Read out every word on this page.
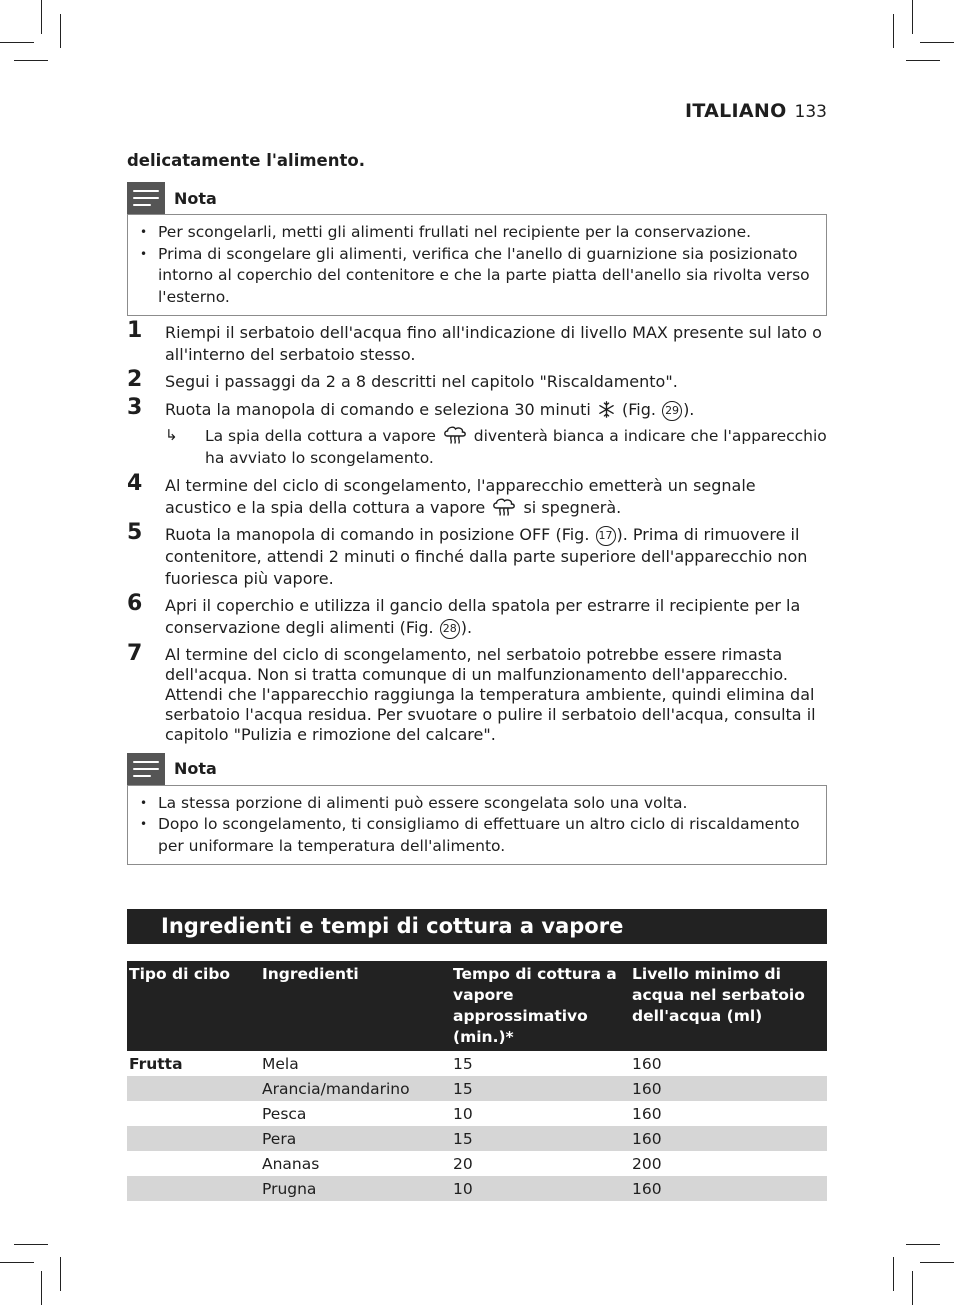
ITALIANO 133

delicatamente l'alimento.

Nota
• Per scongelarli, metti gli alimenti frullati nel recipiente per la conservazione.
• Prima di scongelare gli alimenti, verifica che l'anello di guarnizione sia posizionato intorno al coperchio del contenitore e che la parte piatta dell'anello sia rivolta verso l'esterno.
1	Riempi il serbatoio dell'acqua fino all'indicazione di livello MAX presente sul lato o all'interno del serbatoio stesso.
2	Segui i passaggi da 2 a 8 descritti nel capitolo "Riscaldamento".
3	Ruota la manopola di comando e seleziona 30 minuti (Fig. 29 ).
↳	La spia della cottura a vapore diventerà bianca a indicare che l'apparecchio ha avviato lo scongelamento.
4	Al termine del ciclo di scongelamento, l'apparecchio emetterà un segnale acustico e la spia della cottura a vapore si spegnerà.
5	Ruota la manopola di comando in posizione OFF (Fig. 17 ). Prima di rimuovere il contenitore, attendi 2 minuti o finché dalla parte superiore dell'apparecchio non fuoriesca più vapore.
6	Apri il coperchio e utilizza il gancio della spatola per estrarre il recipiente per la conservazione degli alimenti (Fig. 28 ).
7	Al termine del ciclo di scongelamento, nel serbatoio potrebbe essere rimasta dell'acqua. Non si tratta comunque di un malfunzionamento dell'apparecchio. Attendi che l'apparecchio raggiunga la temperatura ambiente, quindi elimina dal serbatoio l'acqua residua. Per svuotare o pulire il serbatoio dell'acqua, consulta il capitolo "Pulizia e rimozione del calcare".
Nota
• La stessa porzione di alimenti può essere scongelata solo una volta.
• Dopo lo scongelamento, ti consigliamo di effettuare un altro ciclo di riscaldamento per uniformare la temperatura dell'alimento.
Ingredienti e tempi di cottura a vapore
Tipo di cibo	Ingredienti	Tempo di cottura a vapore approssimativo (min.)*	Livello minimo di acqua nel serbatoio dell'acqua (ml)
Frutta	Mela	15	160
	Arancia/mandarino	15	160
	Pesca	10	160
	Pera	15	160
	Ananas	20	200
	Prugna	10	160
